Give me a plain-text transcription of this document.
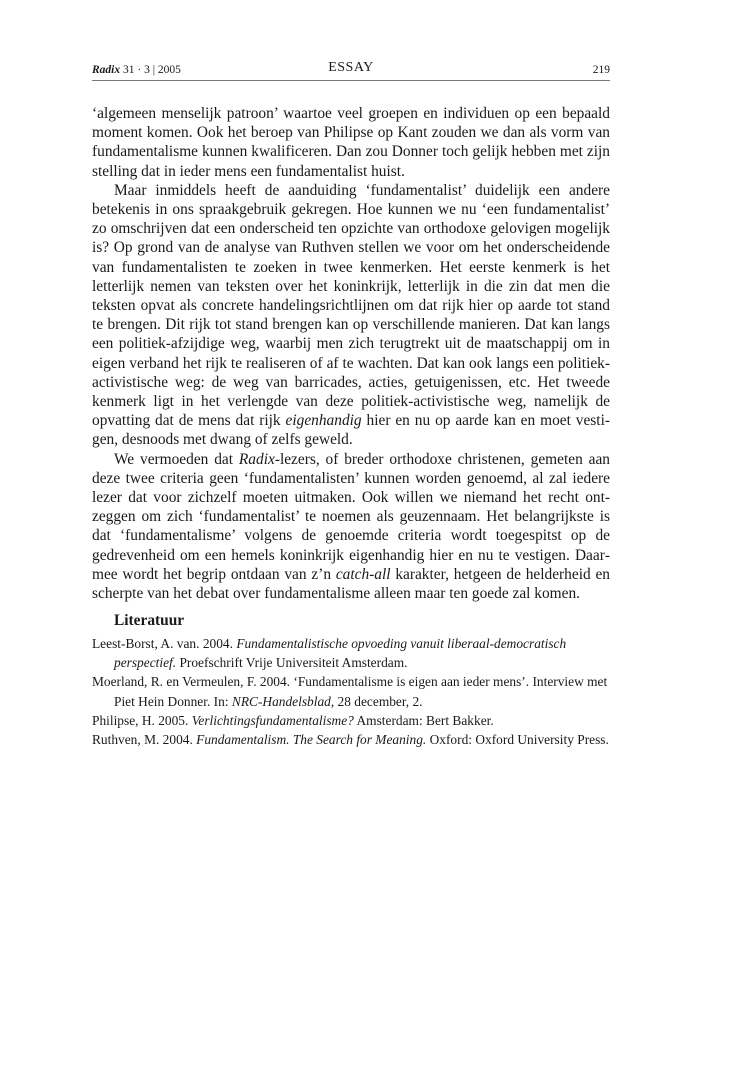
Radix 31 · 3 | 2005	ESSAY	219

‘algemeen menselijk patroon’ waartoe veel groepen en individuen op een bepaald moment komen. Ook het beroep van Philipse op Kant zouden we dan als vorm van fundamentalisme kunnen kwalificeren. Dan zou Donner toch gelijk hebben met zijn stelling dat in ieder mens een fundamentalist huist.

Maar inmiddels heeft de aanduiding ‘fundamentalist’ duidelijk een andere betekenis in ons spraakgebruik gekregen. Hoe kunnen we nu ‘een fundamentalist’ zo omschrijven dat een onderscheid ten opzichte van orthodoxe gelovigen mogelijk is? Op grond van de analyse van Ruthven stellen we voor om het onderscheidende van fundamentalisten te zoeken in twee kenmerken. Het eerste kenmerk is het letterlijk nemen van teksten over het koninkrijk, letterlijk in die zin dat men die teksten opvat als concrete handelingsrichtlijnen om dat rijk hier op aarde tot stand te brengen. Dit rijk tot stand brengen kan op verschillende manieren. Dat kan langs een politiek-afzijdige weg, waarbij men zich terugtrekt uit de maatschappij om in eigen verband het rijk te realiseren of af te wachten. Dat kan ook langs een politiek-activistische weg: de weg van barricades, acties, getuigenissen, etc. Het tweede kenmerk ligt in het verlengde van deze politiek-activistische weg, namelijk de opvatting dat de mens dat rijk eigenhandig hier en nu op aarde kan en moet vestigen, desnoods met dwang of zelfs geweld.

We vermoeden dat Radix-lezers, of breder orthodoxe christenen, gemeten aan deze twee criteria geen ‘fundamentalisten’ kunnen worden genoemd, al zal iedere lezer dat voor zichzelf moeten uitmaken. Ook willen we niemand het recht ontzeggen om zich ‘fundamentalist’ te noemen als geuzennaam. Het belangrijkste is dat ‘fundamentalisme’ volgens de genoemde criteria wordt toegespitst op de gedrevenheid om een hemels koninkrijk eigenhandig hier en nu te vestigen. Daarmee wordt het begrip ontdaan van z’n catch-all karakter, hetgeen de helderheid en scherpte van het debat over fundamentalisme alleen maar ten goede zal komen.

Literatuur
Leest-Borst, A. van. 2004. Fundamentalistische opvoeding vanuit liberaal-democratisch perspectief. Proefschrift Vrije Universiteit Amsterdam.
Moerland, R. en Vermeulen, F. 2004. ‘Fundamentalisme is eigen aan ieder mens’. Interview met Piet Hein Donner. In: NRC-Handelsblad, 28 december, 2.
Philipse, H. 2005. Verlichtingsfundamentalisme? Amsterdam: Bert Bakker.
Ruthven, M. 2004. Fundamentalism. The Search for Meaning. Oxford: Oxford University Press.
